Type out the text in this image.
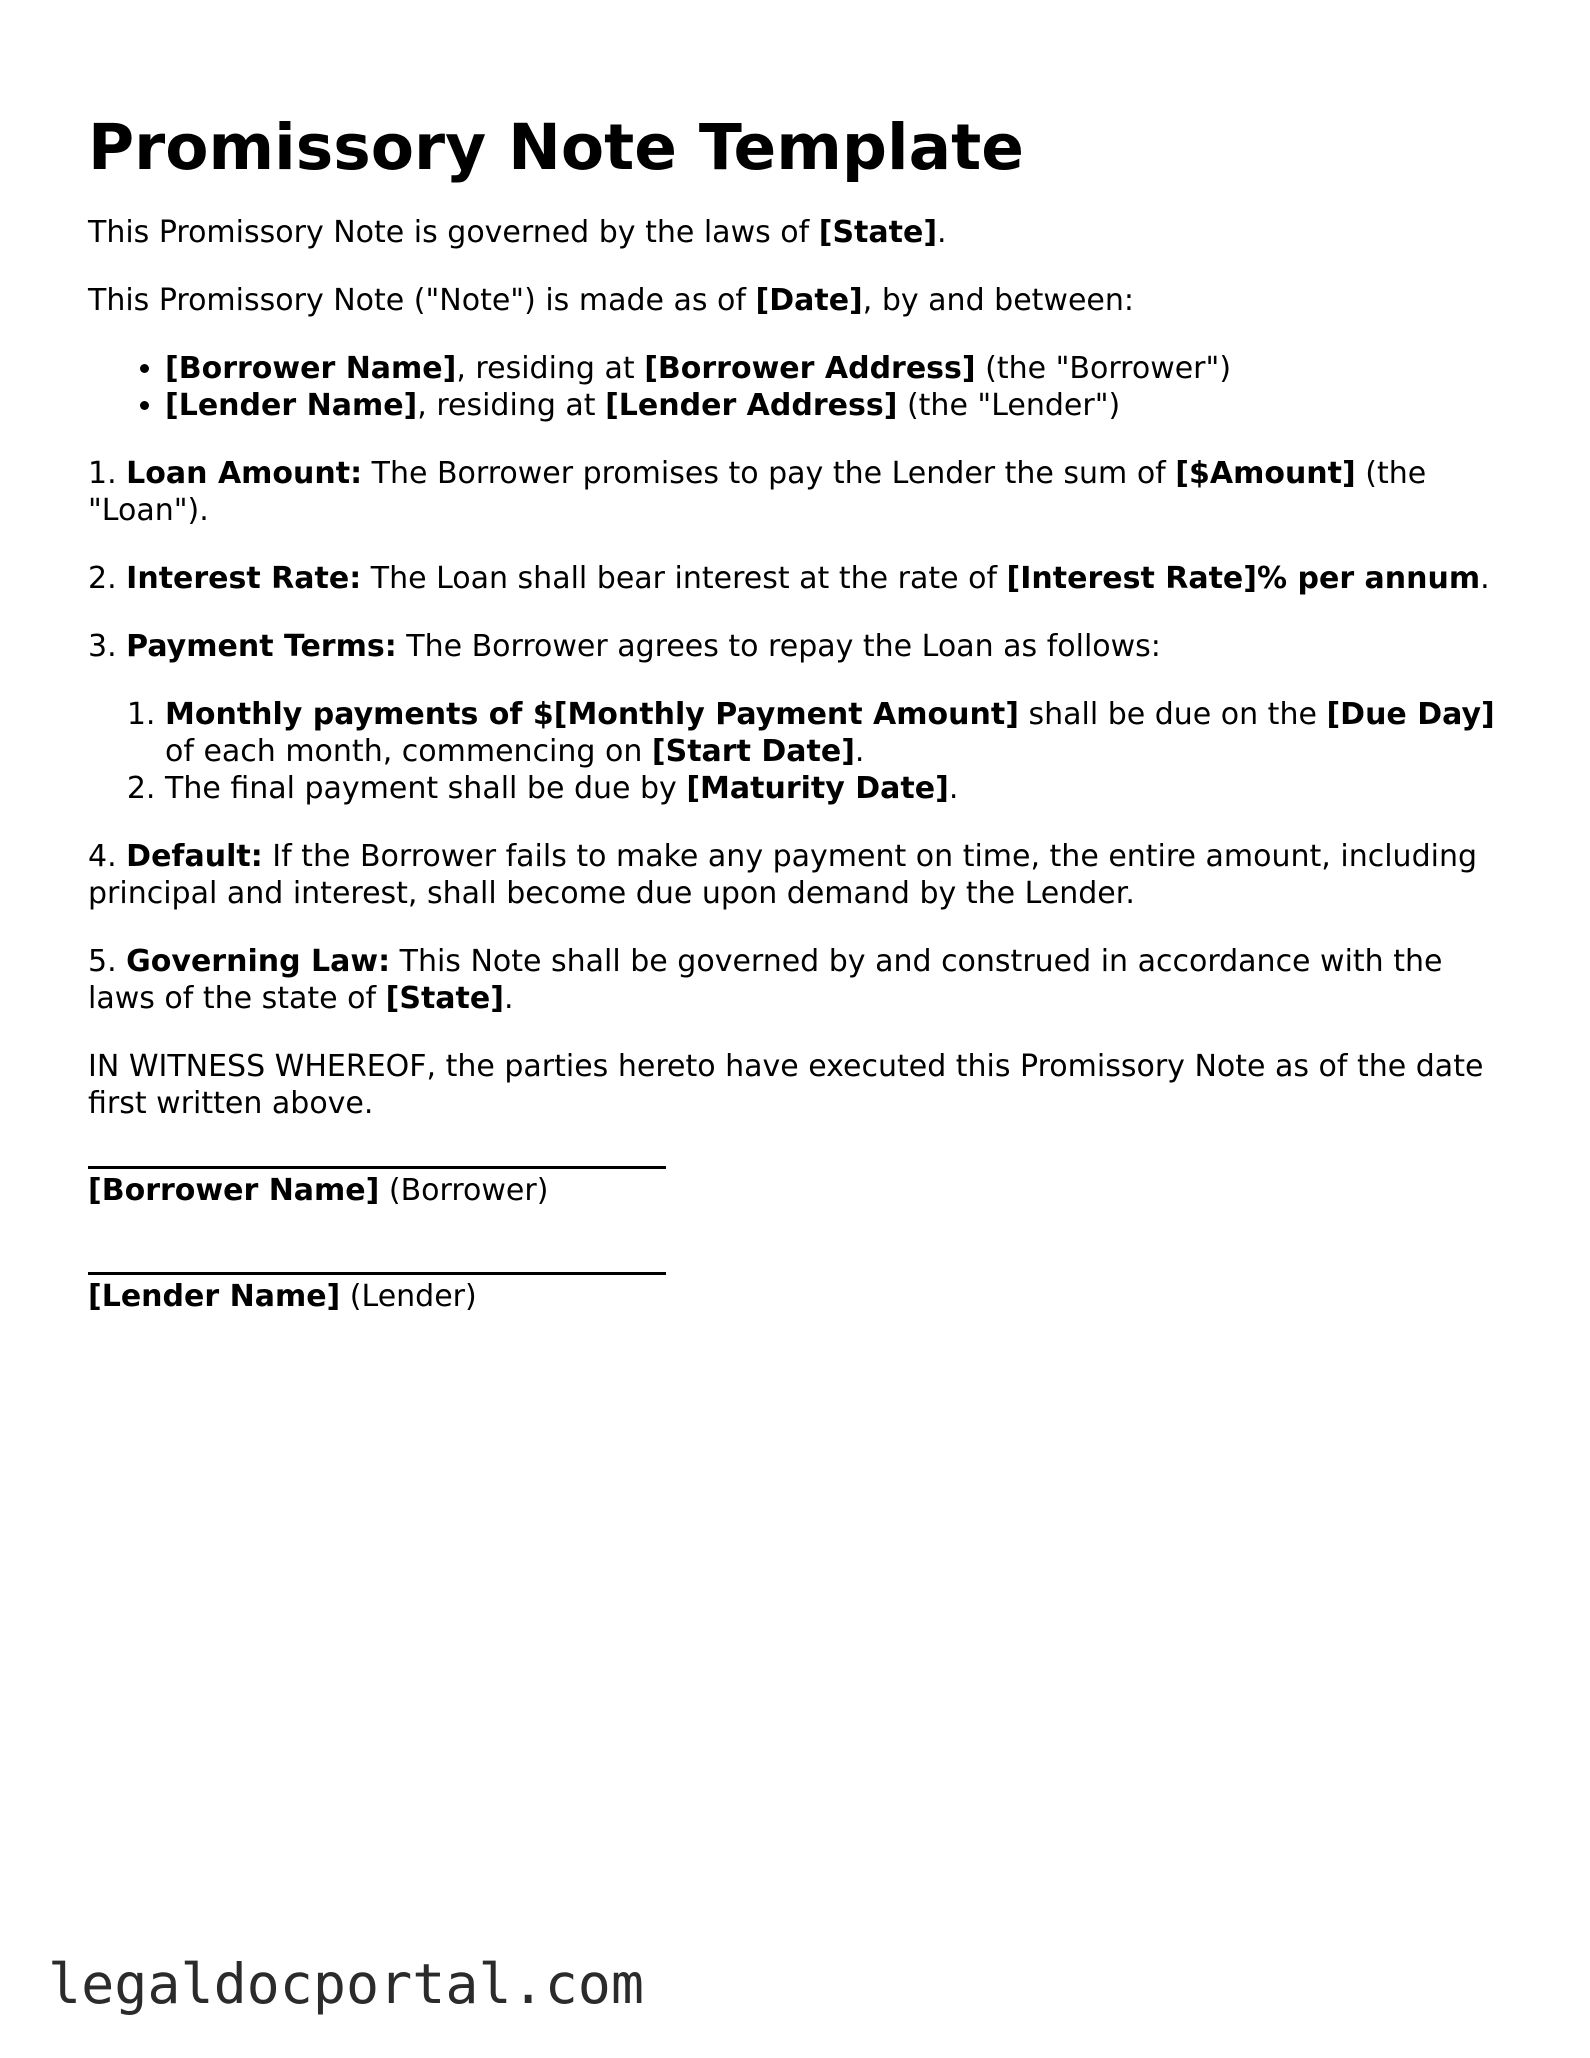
Promissory Note Template

This Promissory Note is governed by the laws of [State].

This Promissory Note ("Note") is made as of [Date], by and between:

• [Borrower Name], residing at [Borrower Address] (the "Borrower")
• [Lender Name], residing at [Lender Address] (the "Lender")

1. Loan Amount: The Borrower promises to pay the Lender the sum of [$Amount] (the "Loan").

2. Interest Rate: The Loan shall bear interest at the rate of [Interest Rate]% per annum.

3. Payment Terms: The Borrower agrees to repay the Loan as follows:

1. Monthly payments of $[Monthly Payment Amount] shall be due on the [Due Day] of each month, commencing on [Start Date].
2. The final payment shall be due by [Maturity Date].

4. Default: If the Borrower fails to make any payment on time, the entire amount, including principal and interest, shall become due upon demand by the Lender.

5. Governing Law: This Note shall be governed by and construed in accordance with the laws of the state of [State].

IN WITNESS WHEREOF, the parties hereto have executed this Promissory Note as of the date first written above.

[Borrower Name] (Borrower)
[Lender Name] (Lender)
legaldocportal.com
